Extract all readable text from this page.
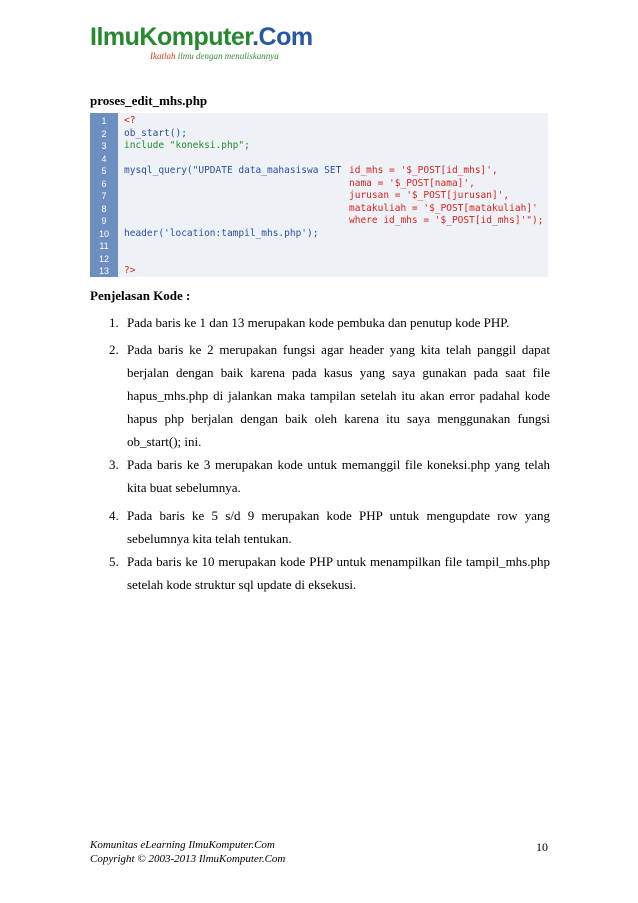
IlmuKomputer.Com
Ikatlah ilmu dengan menuliskannya
proses_edit_mhs.php
1	<?
2	ob_start();
3	include "koneksi.php";
4
5	mysql_query("UPDATE data_mahasiswa SET id_mhs = '$_POST[id_mhs]',
6	nama = '$_POST[nama]',
7	jurusan = '$_POST[jurusan]',
8	matakuliah = '$_POST[matakuliah]'
9	where id_mhs = '$_POST[id_mhs]'");
10	header('location:tampil_mhs.php');
11
12
13	?>
Penjelasan Kode :
1. Pada baris ke 1 dan 13 merupakan kode pembuka dan penutup kode PHP.
2. Pada baris ke 2 merupakan fungsi agar header yang kita telah panggil dapat berjalan dengan baik karena pada kasus yang saya gunakan pada saat file hapus_mhs.php di jalankan maka tampilan setelah itu akan error padahal kode hapus php berjalan dengan baik oleh karena itu saya menggunakan fungsi ob_start(); ini.
3. Pada baris ke 3 merupakan kode untuk memanggil file koneksi.php yang telah kita buat sebelumnya.
4. Pada baris ke 5 s/d 9 merupakan kode PHP untuk mengupdate row yang sebelumnya kita telah tentukan.
5. Pada baris ke 10 merupakan kode PHP untuk menampilkan file tampil_mhs.php setelah kode struktur sql update di eksekusi.
Komunitas eLearning IlmuKomputer.Com
Copyright © 2003-2013 IlmuKomputer.Com
10
